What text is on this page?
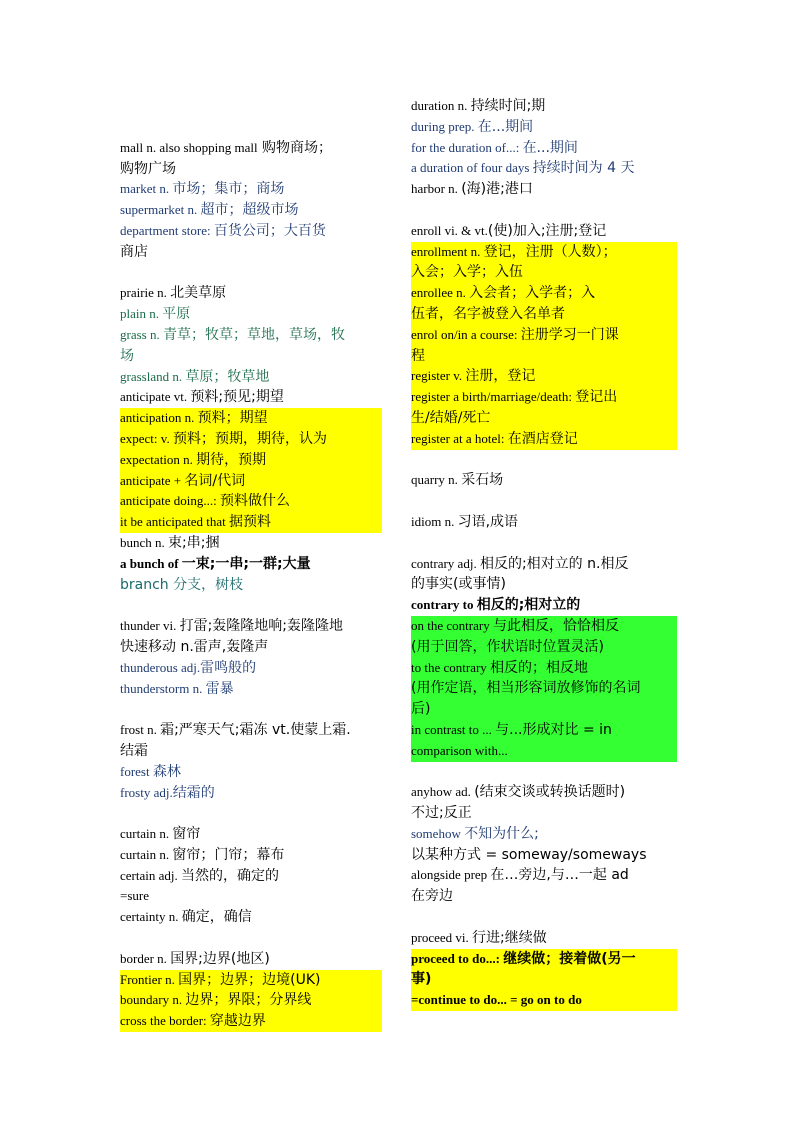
mall n. also shopping mall 购物商场；
购物广场
market n. 市场；集市；商场
supermarket n. 超市；超级市场
department store: 百货公司；大百货
商店
prairie n. 北美草原
plain n. 平原
grass n. 青草；牧草；草地，草场，牧
场
grassland n. 草原；牧草地
anticipate vt. 预料;预见;期望
anticipation n. 预料；期望
expect: v. 预料；预期，期待，认为
expectation n. 期待，预期
anticipate + 名词/代词
anticipate doing...: 预料做什么
it be anticipated that 据预料
bunch n. 束;串;捆
a bunch of 一束;一串;一群;大量
branch 分支，树枝
thunder vi. 打雷;轰隆隆地响;轰隆隆地
快速移动 n.雷声,轰隆声
thunderous adj.雷鸣般的
thunderstorm n. 雷暴
frost n. 霜;严寒天气;霜冻 vt.使蒙上霜.
结霜
forest 森林
frosty adj.结霜的
curtain n. 窗帘
curtain n. 窗帘；门帘；幕布
certain adj. 当然的，确定的
=sure
certainty n. 确定，确信
border n. 国界;边界(地区)
Frontier n. 国界；边界；边境(UK)
boundary n. 边界；界限；分界线
cross the border: 穿越边界
duration n. 持续时间;期
during prep. 在...期间
for the duration of...: 在...期间
a duration of four days 持续时间为 4 天
harbor n. (海)港;港口
enroll vi. & vt.(使)加入;注册;登记
enrollment n. 登记，注册（人数）；
入会；入学；入伍
enrollee n. 入会者；入学者；入
伍者，名字被登入名单者
enrol on/in a course: 注册学习一门课
程
register v. 注册，登记
register a birth/marriage/death: 登记出
生/结婚/死亡
register at a hotel: 在酒店登记
quarry n. 采石场
idiom n. 习语,成语
contrary adj. 相反的;相对立的 n.相反
的事实(或事情)
contrary to 相反的;相对立的
on the contrary 与此相反，恰恰相反
(用于回答，作状语时位置灵活)
to the contrary 相反的；相反地
(用作定语，相当形容词放修饰的名词
后)
in contrast to ... 与...形成对比 = in
comparison with...
anyhow ad. (结束交谈或转换话题时)
不过;反正
somehow 不知为什么;
以某种方式 = someway/someways
alongside prep 在…旁边,与…一起 ad
在旁边
proceed vi. 行进;继续做
proceed to do...: 继续做；接着做(另一
事)
=continue to do... = go on to do
